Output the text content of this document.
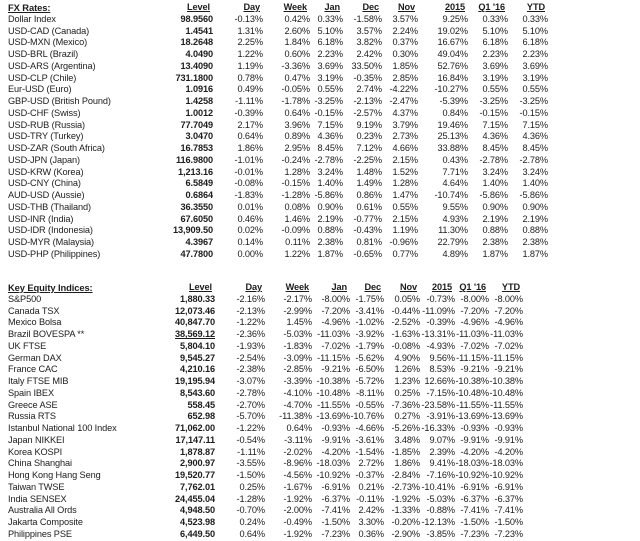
FX Rates:	Level	Day	Week	Jan	Dec	Nov	2015	Q1 '16	YTD
Dollar Index	98.9560	-0.13%	0.42%	0.33%	-1.58%	3.57%	9.25%	0.33%	0.33%
USD-CAD (Canada)	1.4541	1.31%	2.60%	5.10%	3.57%	2.24%	19.02%	5.10%	5.10%
USD-MXN (Mexico)	18.2648	2.25%	1.84%	6.18%	3.82%	0.37%	16.67%	6.18%	6.18%
USD-BRL (Brazil)	4.0490	1.22%	0.60%	2.23%	2.42%	0.30%	49.04%	2.23%	2.23%
USD-ARS (Argentina)	13.4090	1.19%	-3.36%	3.69%	33.50%	1.85%	52.76%	3.69%	3.69%
USD-CLP (Chile)	731.1800	0.78%	0.47%	3.19%	-0.35%	2.85%	16.84%	3.19%	3.19%
Eur-USD (Euro)	1.0916	0.49%	-0.05%	0.55%	2.74%	-4.22%	-10.27%	0.55%	0.55%
GBP-USD (British Pound)	1.4258	-1.11%	-1.78%	-3.25%	-2.13%	-2.47%	-5.39%	-3.25%	-3.25%
USD-CHF (Swiss)	1.0012	-0.39%	0.64%	-0.15%	-2.57%	4.37%	0.84%	-0.15%	-0.15%
USD-RUB (Russia)	77.7049	2.17%	3.96%	7.15%	9.19%	3.79%	19.46%	7.15%	7.15%
USD-TRY (Turkey)	3.0470	0.64%	0.89%	4.36%	0.23%	2.73%	25.13%	4.36%	4.36%
USD-ZAR (South Africa)	16.7853	1.86%	2.95%	8.45%	7.12%	4.66%	33.88%	8.45%	8.45%
USD-JPN (Japan)	116.9800	-1.01%	-0.24%	-2.78%	-2.25%	2.15%	0.43%	-2.78%	-2.78%
USD-KRW (Korea)	1,213.16	-0.01%	1.28%	3.24%	1.48%	1.52%	7.71%	3.24%	3.24%
USD-CNY (China)	6.5849	-0.08%	-0.15%	1.40%	1.49%	1.28%	4.64%	1.40%	1.40%
AUD-USD (Aussie)	0.6864	-1.83%	-1.28%	-5.86%	0.86%	1.47%	-10.74%	-5.86%	-5.86%
USD-THB (Thailand)	36.3550	0.01%	0.08%	0.90%	0.61%	0.55%	9.55%	0.90%	0.90%
USD-INR (India)	67.6050	0.46%	1.46%	2.19%	-0.77%	2.15%	4.93%	2.19%	2.19%
USD-IDR (Indonesia)	13,909.50	0.02%	-0.09%	0.88%	-0.43%	1.19%	11.30%	0.88%	0.88%
USD-MYR (Malaysia)	4.3967	0.14%	0.11%	2.38%	0.81%	-0.96%	22.79%	2.38%	2.38%
USD-PHP (Philippines)	47.7800	0.00%	1.22%	1.87%	-0.65%	0.77%	4.89%	1.87%	1.87%
Key Equity Indices:	Level	Day	Week	Jan	Dec	Nov	2015	Q1 '16	YTD
S&P500	1,880.33	-2.16%	-2.17%	-8.00%	-1.75%	0.05%	-0.73%	-8.00%	-8.00%
Canada TSX	12,073.46	-2.13%	-2.99%	-7.20%	-3.41%	-0.44%	-11.09%	-7.20%	-7.20%
Mexico Bolsa	40,847.70	-1.22%	1.45%	-4.96%	-1.02%	-2.52%	-0.39%	-4.96%	-4.96%
Brazil BOVESPA **	38,569.12	-2.36%	-5.03%	-11.03%	-3.92%	-1.63%	-13.31%	-11.03%	-11.03%
UK FTSE	5,804.10	-1.93%	-1.83%	-7.02%	-1.79%	-0.08%	-4.93%	-7.02%	-7.02%
German DAX	9,545.27	-2.54%	-3.09%	-11.15%	-5.62%	4.90%	9.56%	-11.15%	-11.15%
France CAC	4,210.16	-2.38%	-2.85%	-9.21%	-6.50%	1.26%	8.53%	-9.21%	-9.21%
Italy FTSE MIB	19,195.94	-3.07%	-3.39%	-10.38%	-5.72%	1.23%	12.66%	-10.38%	-10.38%
Spain IBEX	8,543.60	-2.78%	-4.10%	-10.48%	-8.11%	0.25%	-7.15%	-10.48%	-10.48%
Greece ASE	558.45	-2.70%	-4.70%	-11.55%	-0.55%	-7.36%	-23.58%	-11.55%	-11.55%
Russia RTS	652.98	-5.70%	-11.38%	-13.69%	-10.76%	0.27%	-3.91%	-13.69%	-13.69%
Istanbul National 100 Index	71,062.00	-1.22%	0.64%	-0.93%	-4.66%	-5.26%	-16.33%	-0.93%	-0.93%
Japan NIKKEI	17,147.11	-0.54%	-3.11%	-9.91%	-3.61%	3.48%	9.07%	-9.91%	-9.91%
Korea KOSPI	1,878.87	-1.11%	-2.02%	-4.20%	-1.54%	-1.85%	2.39%	-4.20%	-4.20%
China Shanghai	2,900.97	-3.55%	-8.96%	-18.03%	2.72%	1.86%	9.41%	-18.03%	-18.03%
Hong Kong Hang Seng	19,520.77	-1.50%	-4.56%	-10.92%	-0.37%	-2.84%	-7.16%	-10.92%	-10.92%
Taiwan TWSE	7,762.01	0.25%	-1.67%	-6.91%	0.21%	-2.73%	-10.41%	-6.91%	-6.91%
India SENSEX	24,455.04	-1.28%	-1.92%	-6.37%	-0.11%	-1.92%	-5.03%	-6.37%	-6.37%
Australia All Ords	4,948.50	-0.70%	-2.00%	-7.41%	2.42%	-1.33%	-0.88%	-7.41%	-7.41%
Jakarta Composite	4,523.98	0.24%	-0.49%	-1.50%	3.30%	-0.20%	-12.13%	-1.50%	-1.50%
Philippines PSE	6,449.50	0.64%	-1.92%	-7.23%	0.36%	-2.90%	-3.85%	-7.23%	-7.23%
